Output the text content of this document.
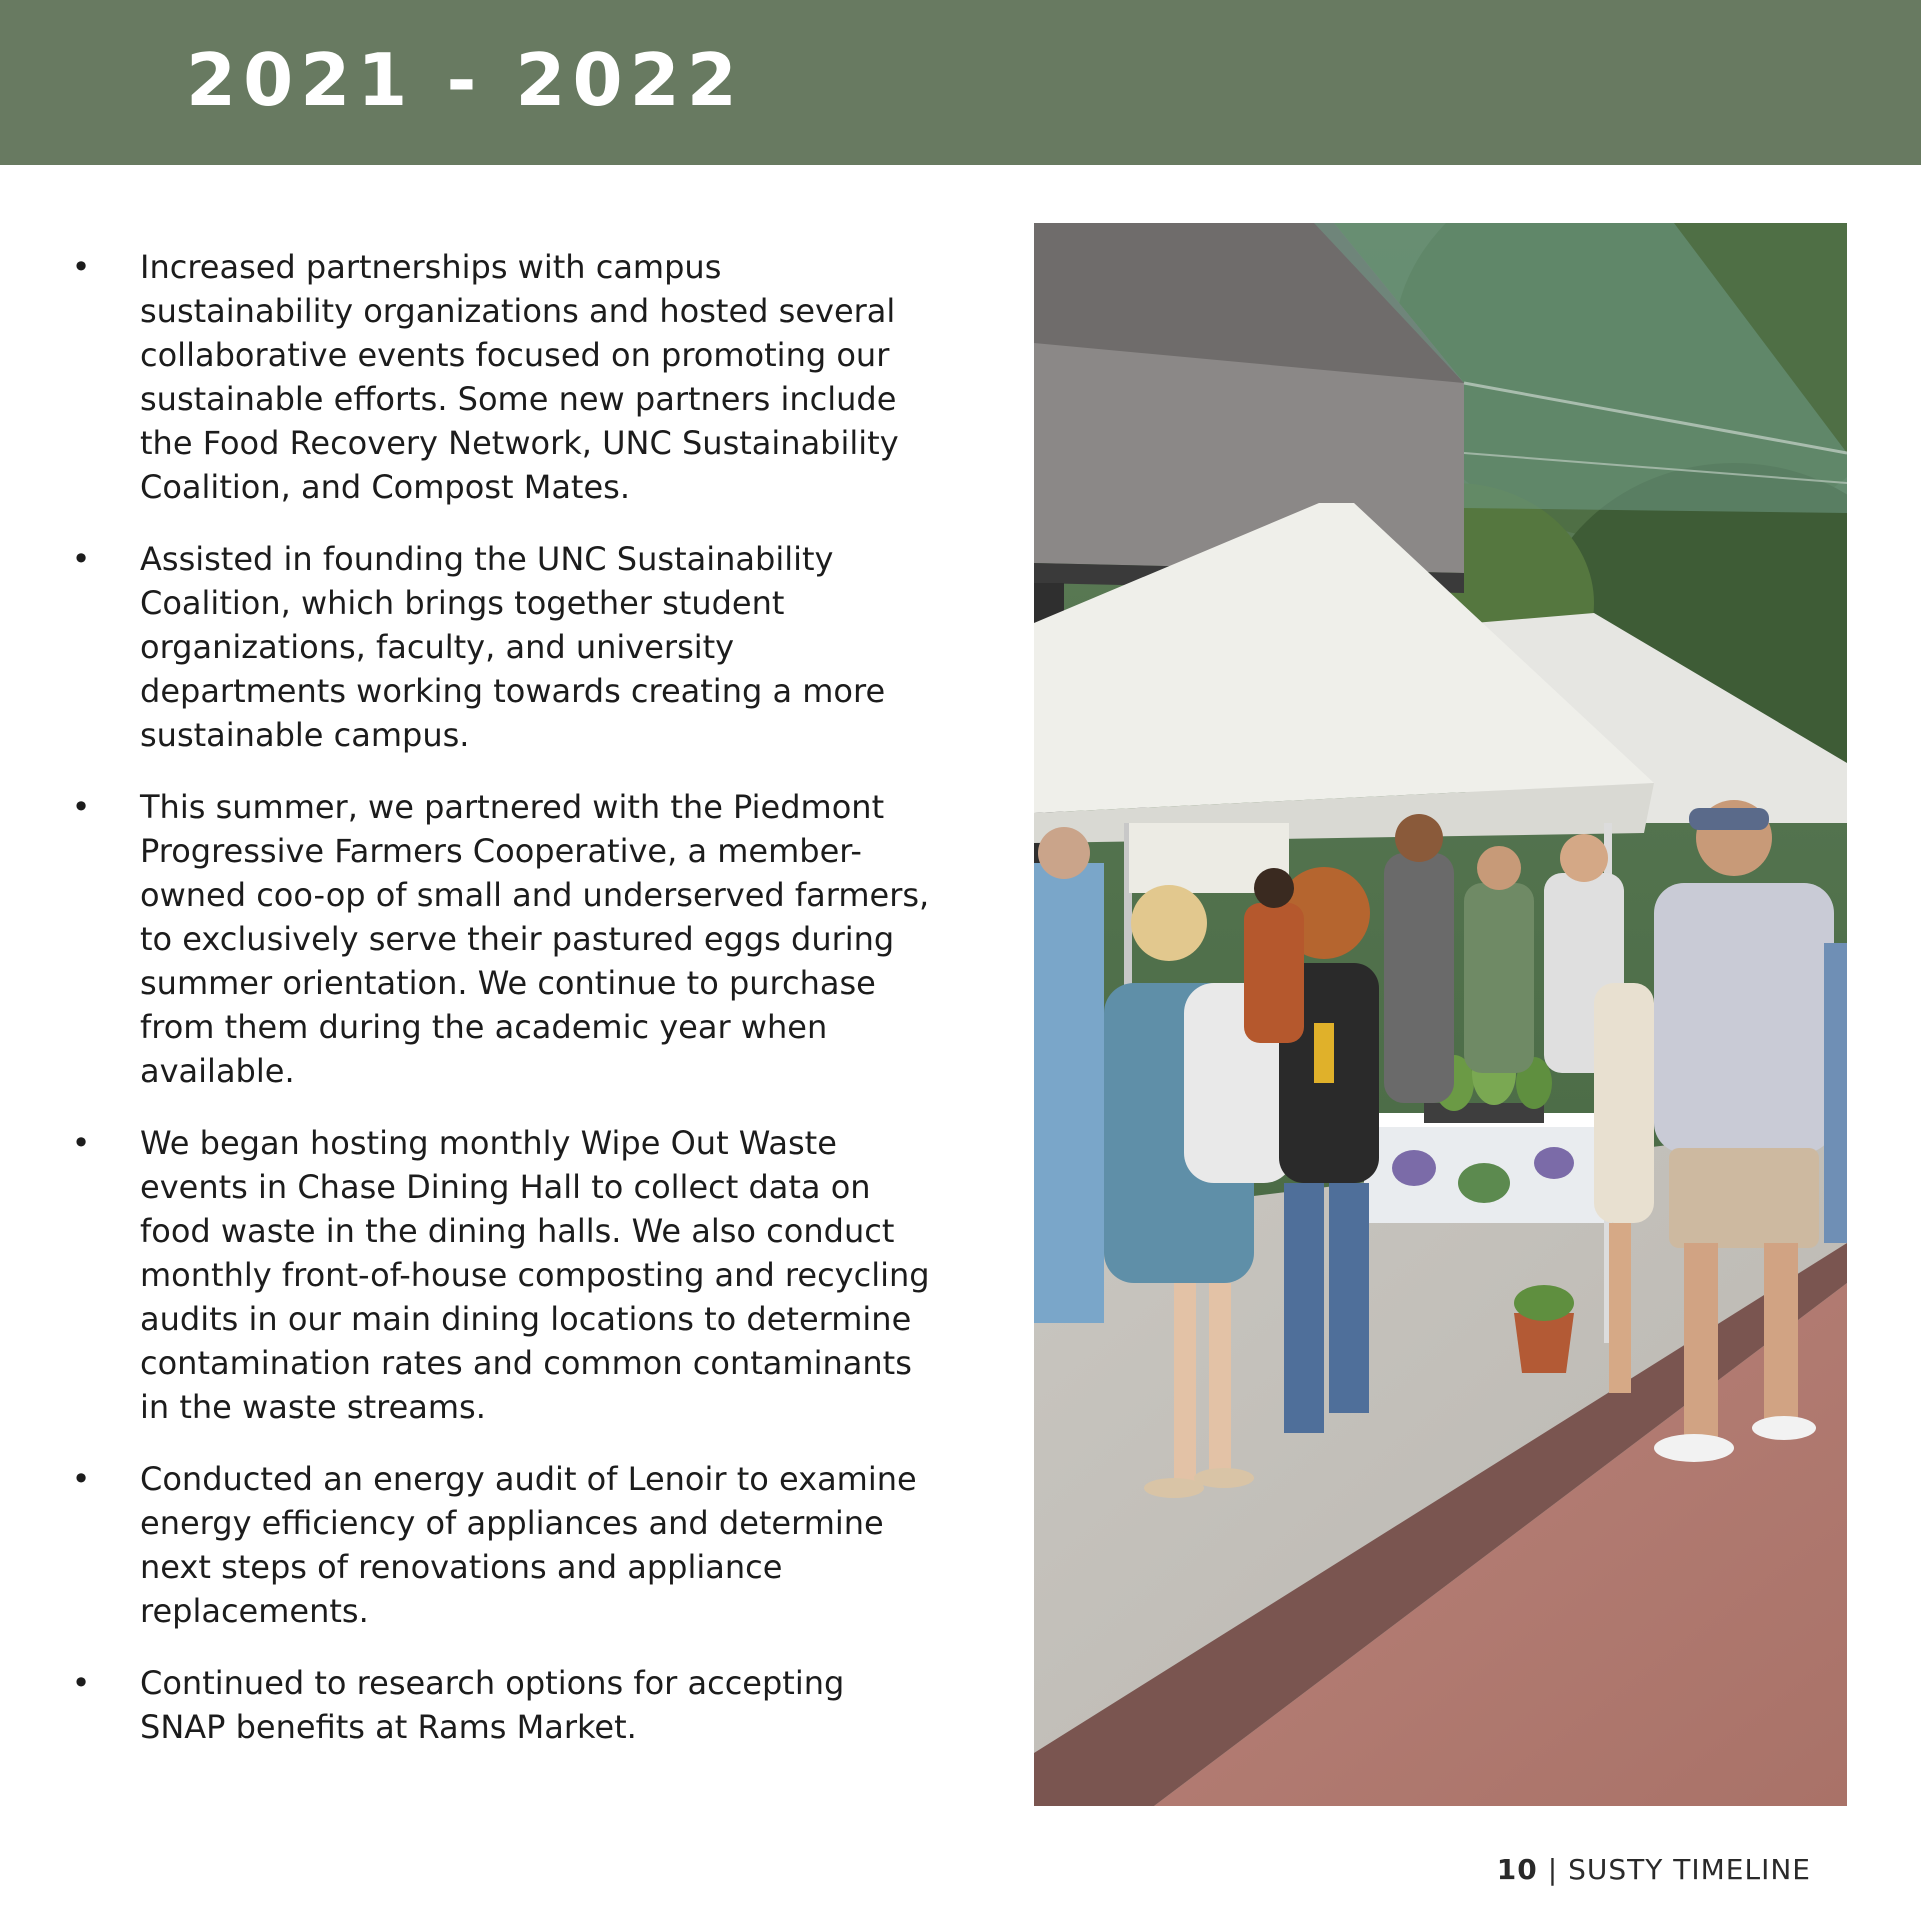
2021 - 2022
• Increased partnerships with campus sustainability organizations and hosted several collaborative events focused on promoting our sustainable efforts. Some new partners include the Food Recovery Network, UNC Sustainability Coalition, and Compost Mates.
• Assisted in founding the UNC Sustainability Coalition, which brings together student organizations, faculty, and university departments working towards creating a more sustainable campus.
• This summer, we partnered with the Piedmont Progressive Farmers Cooperative, a member-owned coo-op of small and underserved farmers, to exclusively serve their pastured eggs during summer orientation. We continue to purchase from them during the academic year when available.
• We began hosting monthly Wipe Out Waste events in Chase Dining Hall to collect data on food waste in the dining halls. We also conduct monthly front-of-house composting and recycling audits in our main dining locations to determine contamination rates and common contaminants in the waste streams.
• Conducted an energy audit of Lenoir to examine energy efficiency of appliances and determine next steps of renovations and appliance replacements.
• Continued to research options for accepting SNAP benefits at Rams Market.
10 | SUSTY TIMELINE
